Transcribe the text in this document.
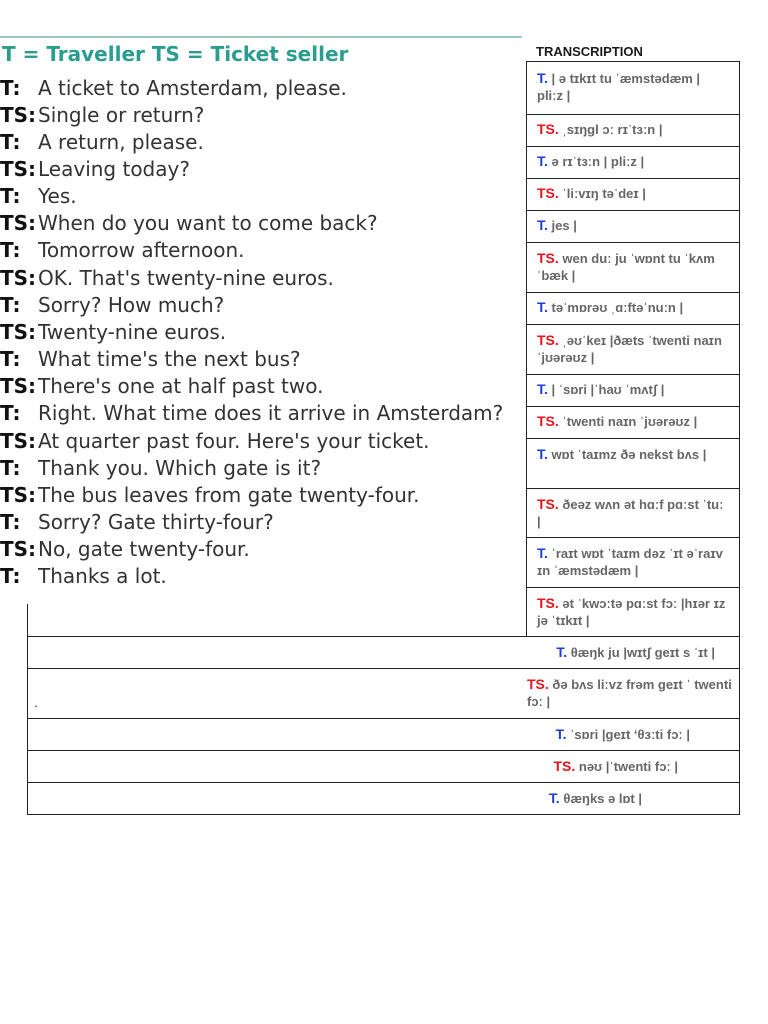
T = Traveller TS = Ticket seller
T: A ticket to Amsterdam, please.
TS:Single or return?
T: A return, please.
TS:Leaving today?
T: Yes.
TS:When do you want to come back?
T: Tomorrow afternoon.
TS:OK. That's twenty-nine euros.
T: Sorry? How much?
TS:Twenty-nine euros.
T: What time's the next bus?
TS:There's one at half past two.
T: Right. What time does it arrive in Amsterdam?
TS:At quarter past four. Here's your ticket.
T: Thank you. Which gate is it?
TS:The bus leaves from gate twenty-four.
T: Sorry? Gate thirty-four?
TS:No, gate twenty-four.
T: Thanks a lot.
TRANSCRIPTION
T. | ə tɪkɪt tu ˈæmstədæm | pliːz |
TS. ˌsɪŋgl ɔː rɪˈtɜːn |
T. ə rɪˈtɜːn | pliːz |
TS. ˈliːvɪŋ təˈdeɪ |
T. jes |
TS. wen duː ju ˈwɒnt tu ˈkʌm ˈbæk |
T. təˈmɒrəʊ ˌɑːftəˈnuːn |
TS. ˌəʊˈkeɪ |ðæts ˈtwenti naɪn ˈjʊərəʊz |
T. | ˈsɒri |ˈhaʊ ˈmʌtʃ |
TS. ˈtwenti naɪn ˈjʊərəʊz |
T. wɒt ˈtaɪmz ðə nekst bʌs |
TS. ðeəz wʌn ət hɑːf pɑːst ˈtuː |
T. ˈraɪt wɒt ˈtaɪm dəz ˈɪt əˈraɪv ɪn ˈæmstədæm |
TS. ət ˈkwɔːtə pɑːst fɔː |hɪər ɪz jə ˈtɪkɪt |
T. θæŋk ju |wɪtʃ geɪt s ˈɪt |
TS. ðə bʌs liːvz frəm geɪt ˈ twenti fɔː |
T. ˈsɒri |geɪt ‘θɜːti fɔː |
TS. nəʊ |ˈtwenti fɔː |
T. θæŋks ə lɒt |
.
